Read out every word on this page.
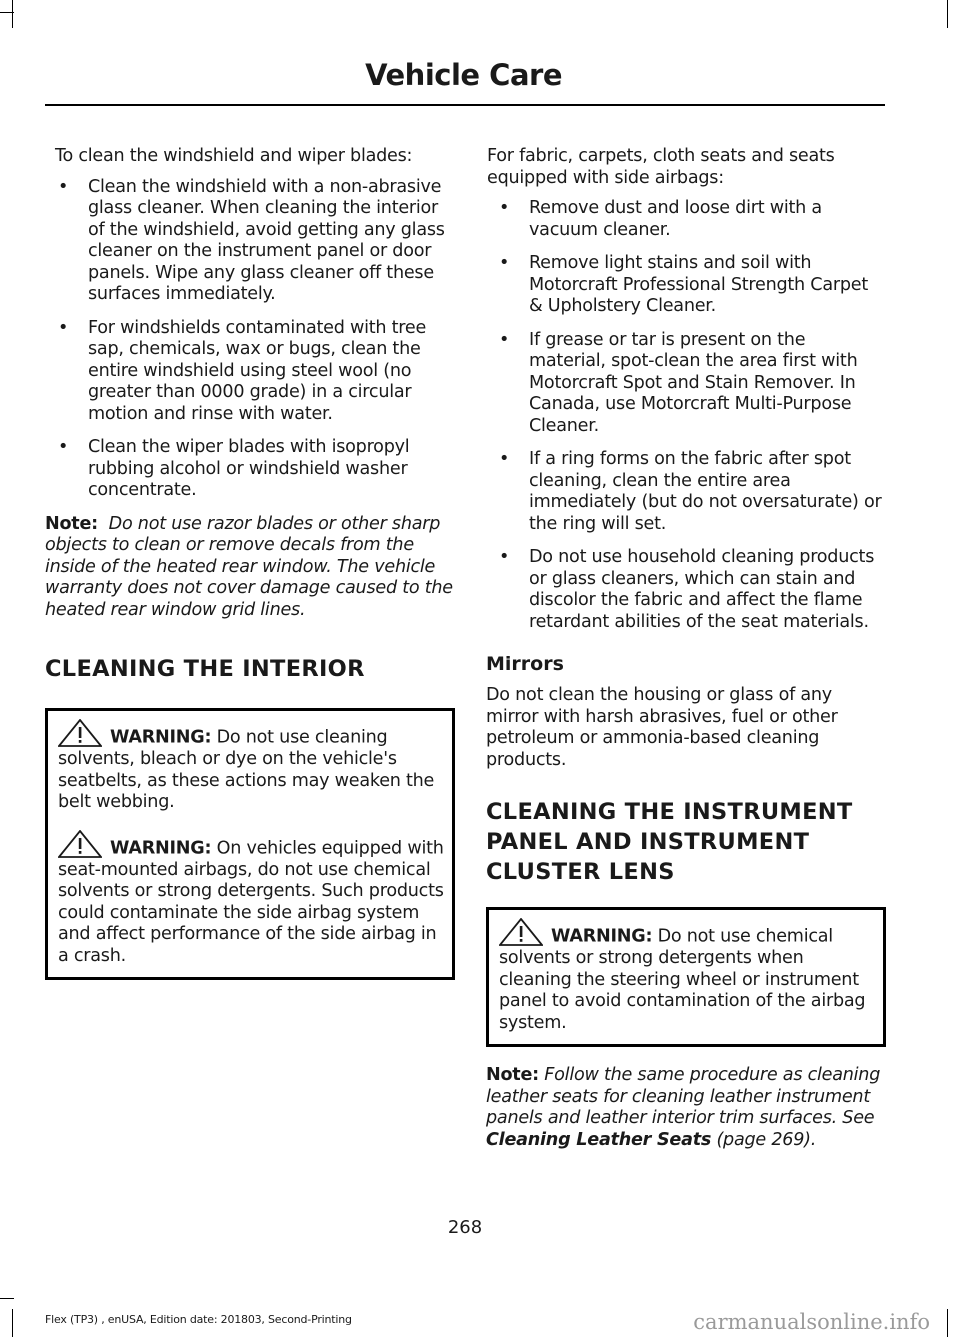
Vehicle Care

To clean the windshield and wiper blades:

• Clean the windshield with a non-abrasive glass cleaner. When cleaning the interior of the windshield, avoid getting any glass cleaner on the instrument panel or door panels. Wipe any glass cleaner off these surfaces immediately.
• For windshields contaminated with tree sap, chemicals, wax or bugs, clean the entire windshield using steel wool (no greater than 0000 grade) in a circular motion and rinse with water.
• Clean the wiper blades with isopropyl rubbing alcohol or windshield washer concentrate.

Note: Do not use razor blades or other sharp objects to clean or remove decals from the inside of the heated rear window. The vehicle warranty does not cover damage caused to the heated rear window grid lines.

CLEANING THE INTERIOR

WARNING: Do not use cleaning solvents, bleach or dye on the vehicle's seatbelts, as these actions may weaken the belt webbing.

WARNING: On vehicles equipped with seat-mounted airbags, do not use chemical solvents or strong detergents. Such products could contaminate the side airbag system and affect performance of the side airbag in a crash.

For fabric, carpets, cloth seats and seats equipped with side airbags:

• Remove dust and loose dirt with a vacuum cleaner.
• Remove light stains and soil with Motorcraft Professional Strength Carpet & Upholstery Cleaner.
• If grease or tar is present on the material, spot-clean the area first with Motorcraft Spot and Stain Remover. In Canada, use Motorcraft Multi-Purpose Cleaner.
• If a ring forms on the fabric after spot cleaning, clean the entire area immediately (but do not oversaturate) or the ring will set.
• Do not use household cleaning products or glass cleaners, which can stain and discolor the fabric and affect the flame retardant abilities of the seat materials.
Mirrors

Do not clean the housing or glass of any mirror with harsh abrasives, fuel or other petroleum or ammonia-based cleaning products.

CLEANING THE INSTRUMENT
PANEL AND INSTRUMENT
CLUSTER LENS

WARNING: Do not use chemical solvents or strong detergents when cleaning the steering wheel or instrument panel to avoid contamination of the airbag system.

Note: Follow the same procedure as cleaning leather seats for cleaning leather instrument panels and leather interior trim surfaces. See Cleaning Leather Seats (page 269).

268
Flex (TP3) , enUSA, Edition date: 201803, Second-Printing	carmanualsonline.info
